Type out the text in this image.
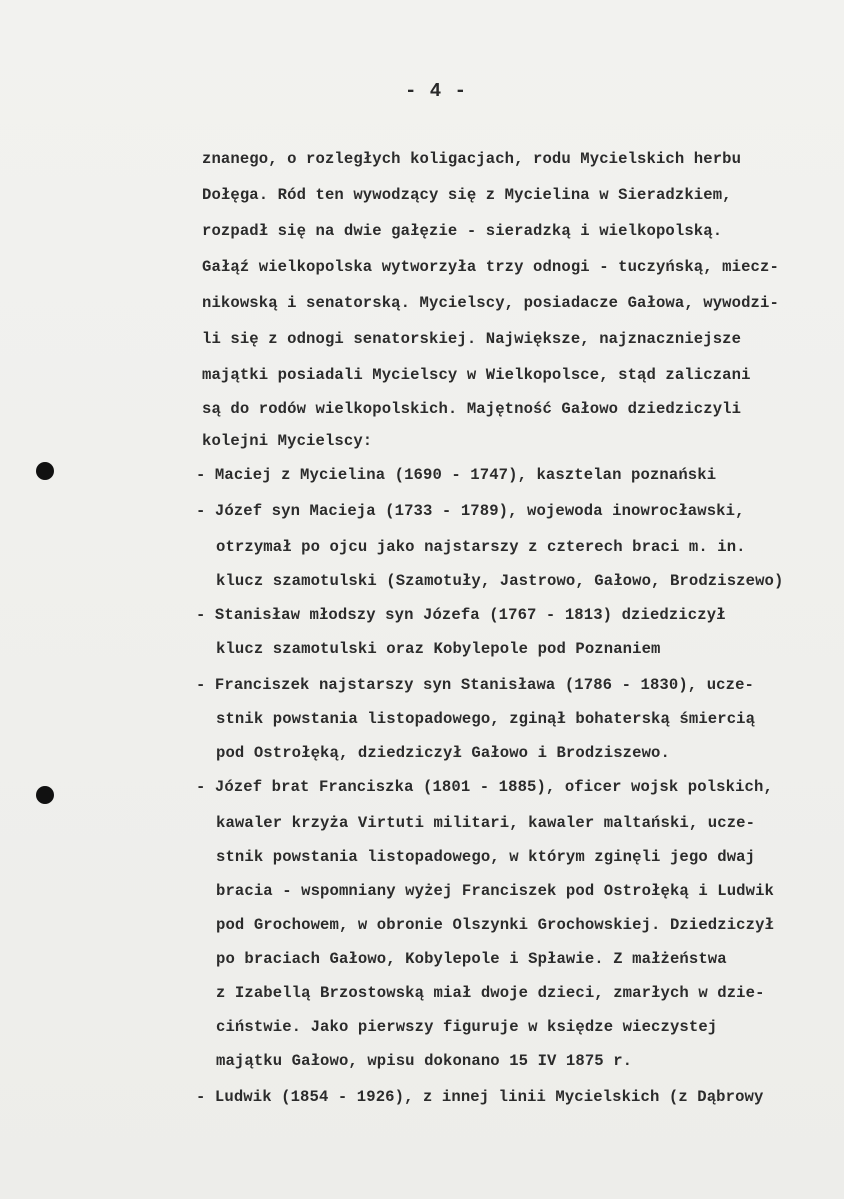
- 4 -
znanego, o rozległych koligacjach, rodu Mycielskich herbu
Dołęga. Ród ten wywodzący się z Mycielina w Sieradzkiem,
rozpadł się na dwie gałęzie - sieradzką i wielkopolską.
Gałąź wielkopolska wytworzyła trzy odnogi - tuczyńską, miecz-
nikowską i senatorską. Mycielscy, posiadacze Gałowa, wywodzi-
li się z odnogi senatorskiej. Największe, najznaczniejsze
majątki posiadali Mycielscy w Wielkopolsce, stąd zaliczani
są do rodów wielkopolskich. Majętność Gałowo dziedziczyli
kolejni Mycielscy:
- Maciej z Mycielina (1690 - 1747), kasztelan poznański
- Józef syn Macieja (1733 - 1789), wojewoda inowrocławski,
otrzymał po ojcu jako najstarszy z czterech braci m. in.
klucz szamotulski (Szamotuły, Jastrowo, Gałowo, Brodziszewo)
- Stanisław młodszy syn Józefa (1767 - 1813) dziedziczył
klucz szamotulski oraz Kobylepole pod Poznaniem
- Franciszek najstarszy syn Stanisława (1786 - 1830), ucze-
stnik powstania listopadowego, zginął bohaterską śmiercią
pod Ostrołęką, dziedziczył Gałowo i Brodziszewo.
- Józef brat Franciszka (1801 - 1885), oficer wojsk polskich,
kawaler krzyża Virtuti militari, kawaler maltański, ucze-
stnik powstania listopadowego, w którym zginęli jego dwaj
bracia - wspomniany wyżej Franciszek pod Ostrołęką i Ludwik
pod Grochowem, w obronie Olszynki Grochowskiej. Dziedziczył
po braciach Gałowo, Kobylepole i Spławie. Z małżeństwa
z Izabellą Brzostowską miał dwoje dzieci, zmarłych w dzie-
ciństwie. Jako pierwszy figuruje w księdze wieczystej
majątku Gałowo, wpisu dokonano 15 IV 1875 r.
- Ludwik (1854 - 1926), z innej linii Mycielskich (z Dąbrowy
